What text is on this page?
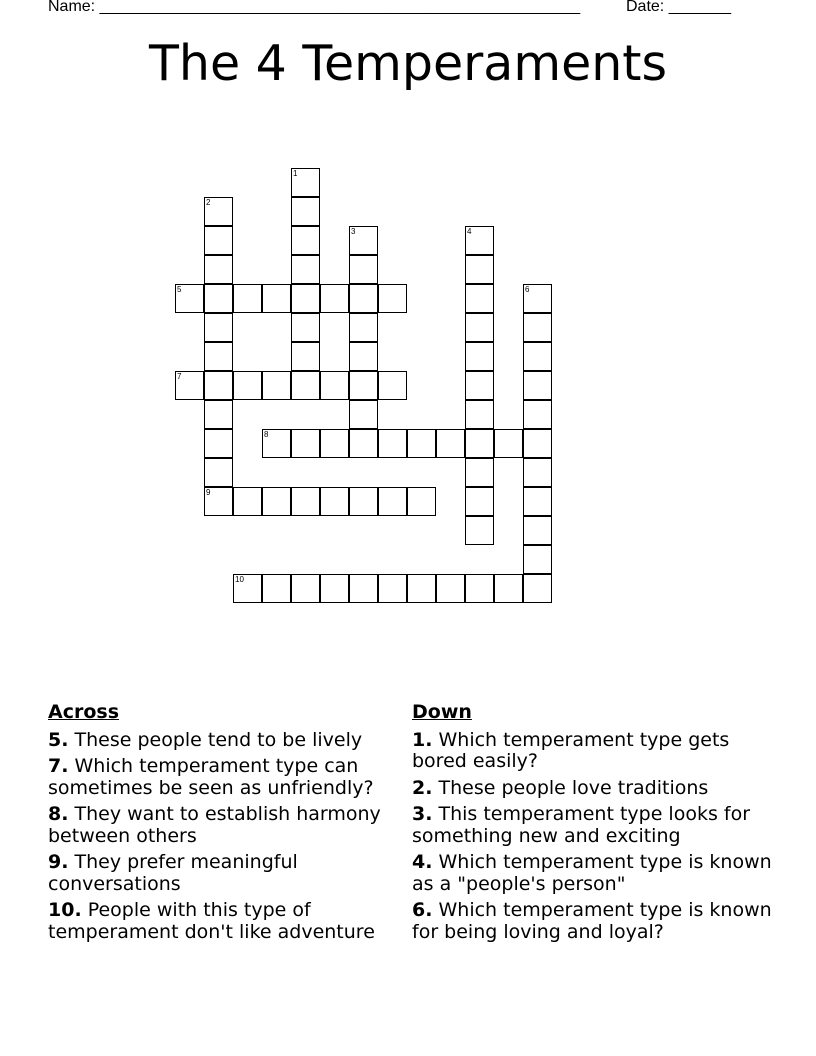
Name: ______________________________________________________	Date: _______
The 4 Temperaments
1
2
9
3	4
5	6
7
8
10
Across
5. These people tend to be lively
7. Which temperament type can sometimes be seen as unfriendly?
8. They want to establish harmony between others
9. They prefer meaningful conversations
10. People with this type of temperament don't like adventure
Down
1. Which temperament type gets bored easily?
2. These people love traditions
3. This temperament type looks for something new and exciting
4. Which temperament type is known as a "people's person"
6. Which temperament type is known for being loving and loyal?
